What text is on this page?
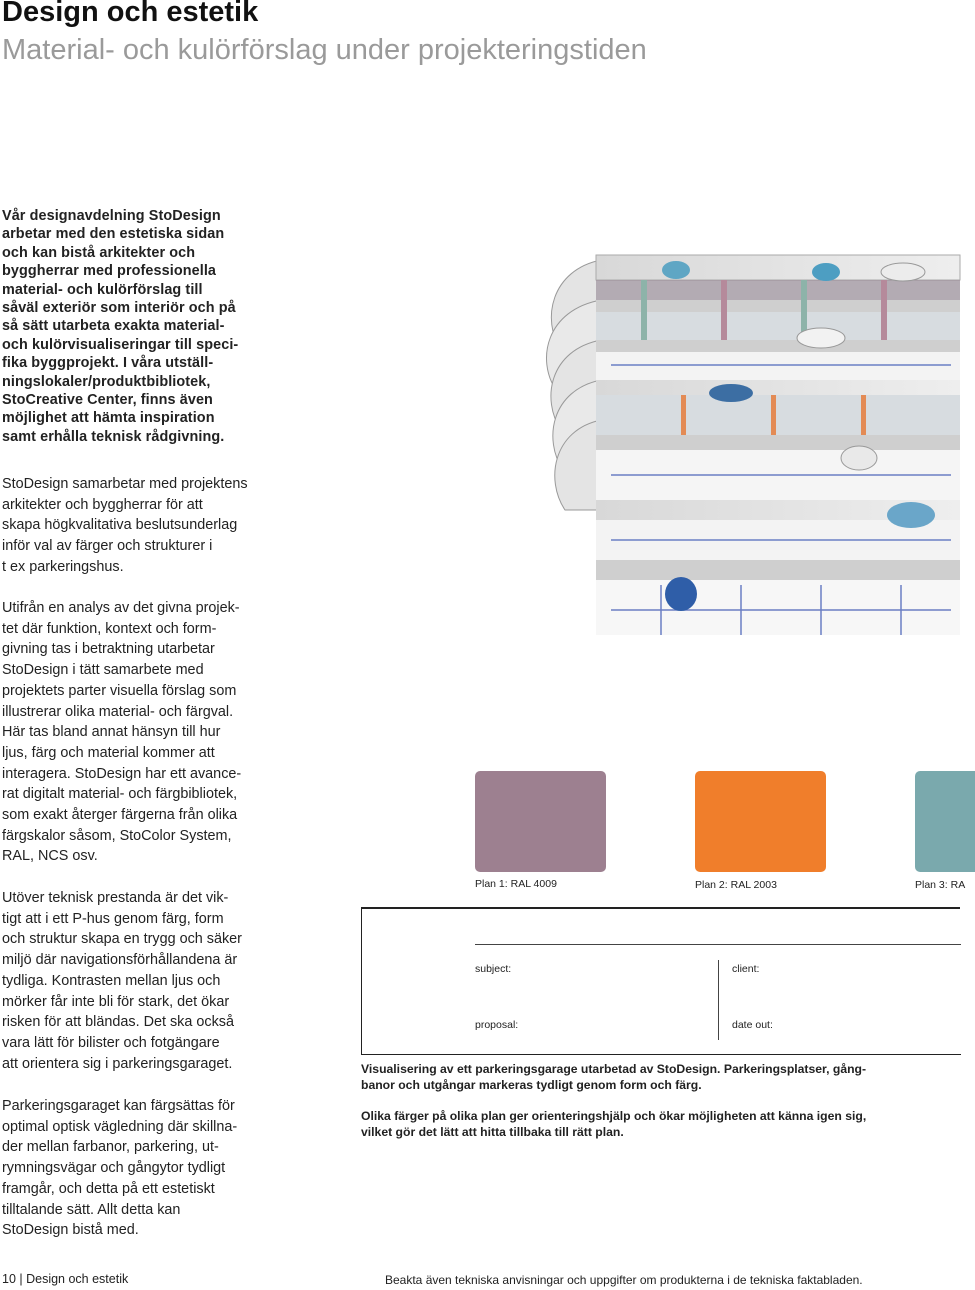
Design och estetik
Material- och kulörförslag under projekteringstiden
Vår designavdelning StoDesign
arbetar med den estetiska sidan
och kan bistå arkitekter och
byggherrar med professionella
material- och kulörförslag till
såväl exteriör som interiör och på
så sätt utarbeta exakta material-
och kulörvisualiseringar till speci-
fika byggprojekt. I våra utställ-
ningslokaler/produktbibliotek,
StoCreative Center, finns även
möjlighet att hämta inspiration
samt erhålla teknisk rådgivning.
StoDesign samarbetar med projektens
arkitekter och byggherrar för att
skapa högkvalitativa beslutsunderlag
inför val av färger och strukturer i
t ex parkeringshus.
Utifrån en analys av det givna projek-
tet där funktion, kontext och form-
givning tas i betraktning utarbetar
StoDesign i tätt samarbete med
projektets parter visuella förslag som
illustrerar olika material- och färgval.
Här tas bland annat hänsyn till hur
ljus, färg och material kommer att
interagera. StoDesign har ett avance-
rat digitalt material- och färgbibliotek,
som exakt återger färgerna från olika
färgskalor såsom, StoColor System,
RAL, NCS osv.
Utöver teknisk prestanda är det vik-
tigt att i ett P-hus genom färg, form
och struktur skapa en trygg och säker
miljö där navigationsförhållandena är
tydliga. Kontrasten mellan ljus och
mörker får inte bli för stark, det ökar
risken för att bländas. Det ska också
vara lätt för bilister och fotgängare
att orientera sig i parkeringsgaraget.
Parkeringsgaraget kan färgsättas för
optimal optisk vägledning där skillna-
der mellan farbanor, parkering, ut-
rymningsvägar och gångytor tydligt
framgår, och detta på ett estetiskt
tilltalande sätt. Allt detta kan
StoDesign bistå med.
Plan 1: RAL 4009	Plan 2: RAL 2003	Plan 3: RA
subject:	client:
proposal:	date out:
Visualisering av ett parkeringsgarage utarbetad av StoDesign. Parkeringsplatser, gång-
banor och utgångar markeras tydligt genom form och färg.
Olika färger på olika plan ger orienteringshjälp och ökar möjligheten att känna igen sig,
vilket gör det lätt att hitta tillbaka till rätt plan.
10 | Design och estetik	Beakta även tekniska anvisningar och uppgifter om produkterna i de tekniska faktabladen.
